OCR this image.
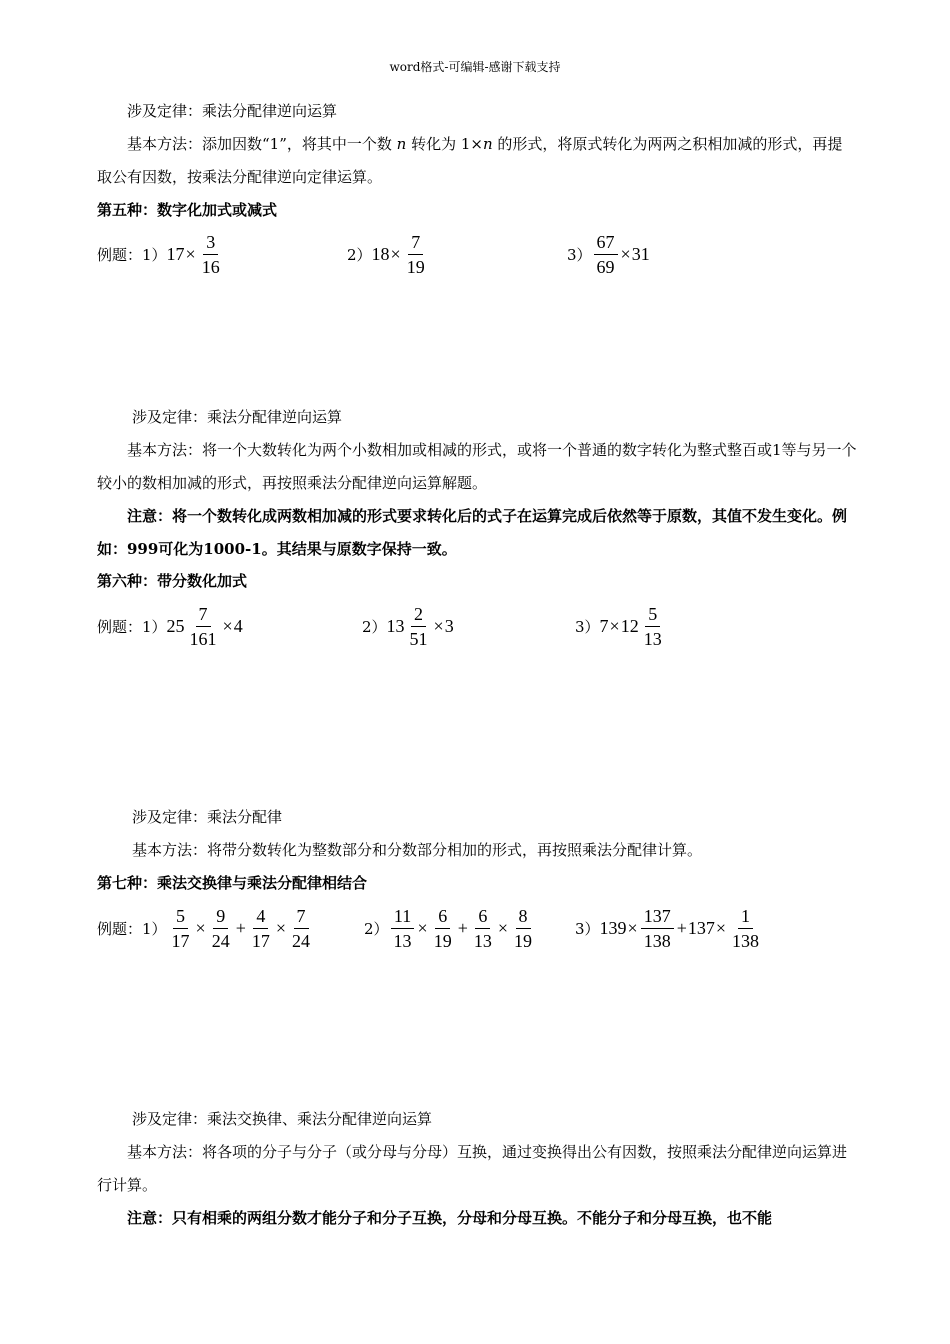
word格式-可编辑-感谢下载支持
涉及定律：乘法分配律逆向运算
基本方法：添加因数“1”，将其中一个数 n 转化为 1×n 的形式，将原式转化为两两之积相加减的形式，再提取公有因数，按乘法分配律逆向定律运算。
第五种：数字化加式或减式
例题：1） $17 \times \frac{3}{16}$	2） $18 \times \frac{7}{19}$	$3) \frac{67}{69} \times 31$
涉及定律：乘法分配律逆向运算
基本方法：将一个大数转化为两个小数相加或相减的形式，或将一个普通的数字转化为整式整百或1等与另一个较小的数相加减的形式，再按照乘法分配律逆向运算解题。
注意：将一个数转化成两数相加减的形式要求转化后的式子在运算完成后依然等于原数，其值不发生变化。例如：999可化为1000-1。其结果与原数字保持一致。
第六种：带分数化加式
例题：1） $25 \frac{7}{161} \times 4$	2） $13 \frac{2}{51} \times 3$	3） $7 \times 12 \frac{5}{13}$
涉及定律：乘法分配律
基本方法：将带分数转化为整数部分和分数部分相加的形式，再按照乘法分配律计算。
第七种：乘法交换律与乘法分配律相结合
例题：$1) \frac{5}{17} \times \frac{9}{24} + \frac{4}{17} \times \frac{7}{24}$	$2) \frac{11}{13} \times \frac{6}{19} + \frac{6}{13} \times \frac{8}{19}$	3） $139 \times \frac{137}{138} + 137 \times \frac{1}{138}$
涉及定律：乘法交换律、乘法分配律逆向运算
基本方法：将各项的分子与分子（或分母与分母）互换，通过变换得出公有因数，按照乘法分配律逆向运算进行计算。
注意：只有相乘的两组分数才能分子和分子互换，分母和分母互换。不能分子和分母互换，也不能
